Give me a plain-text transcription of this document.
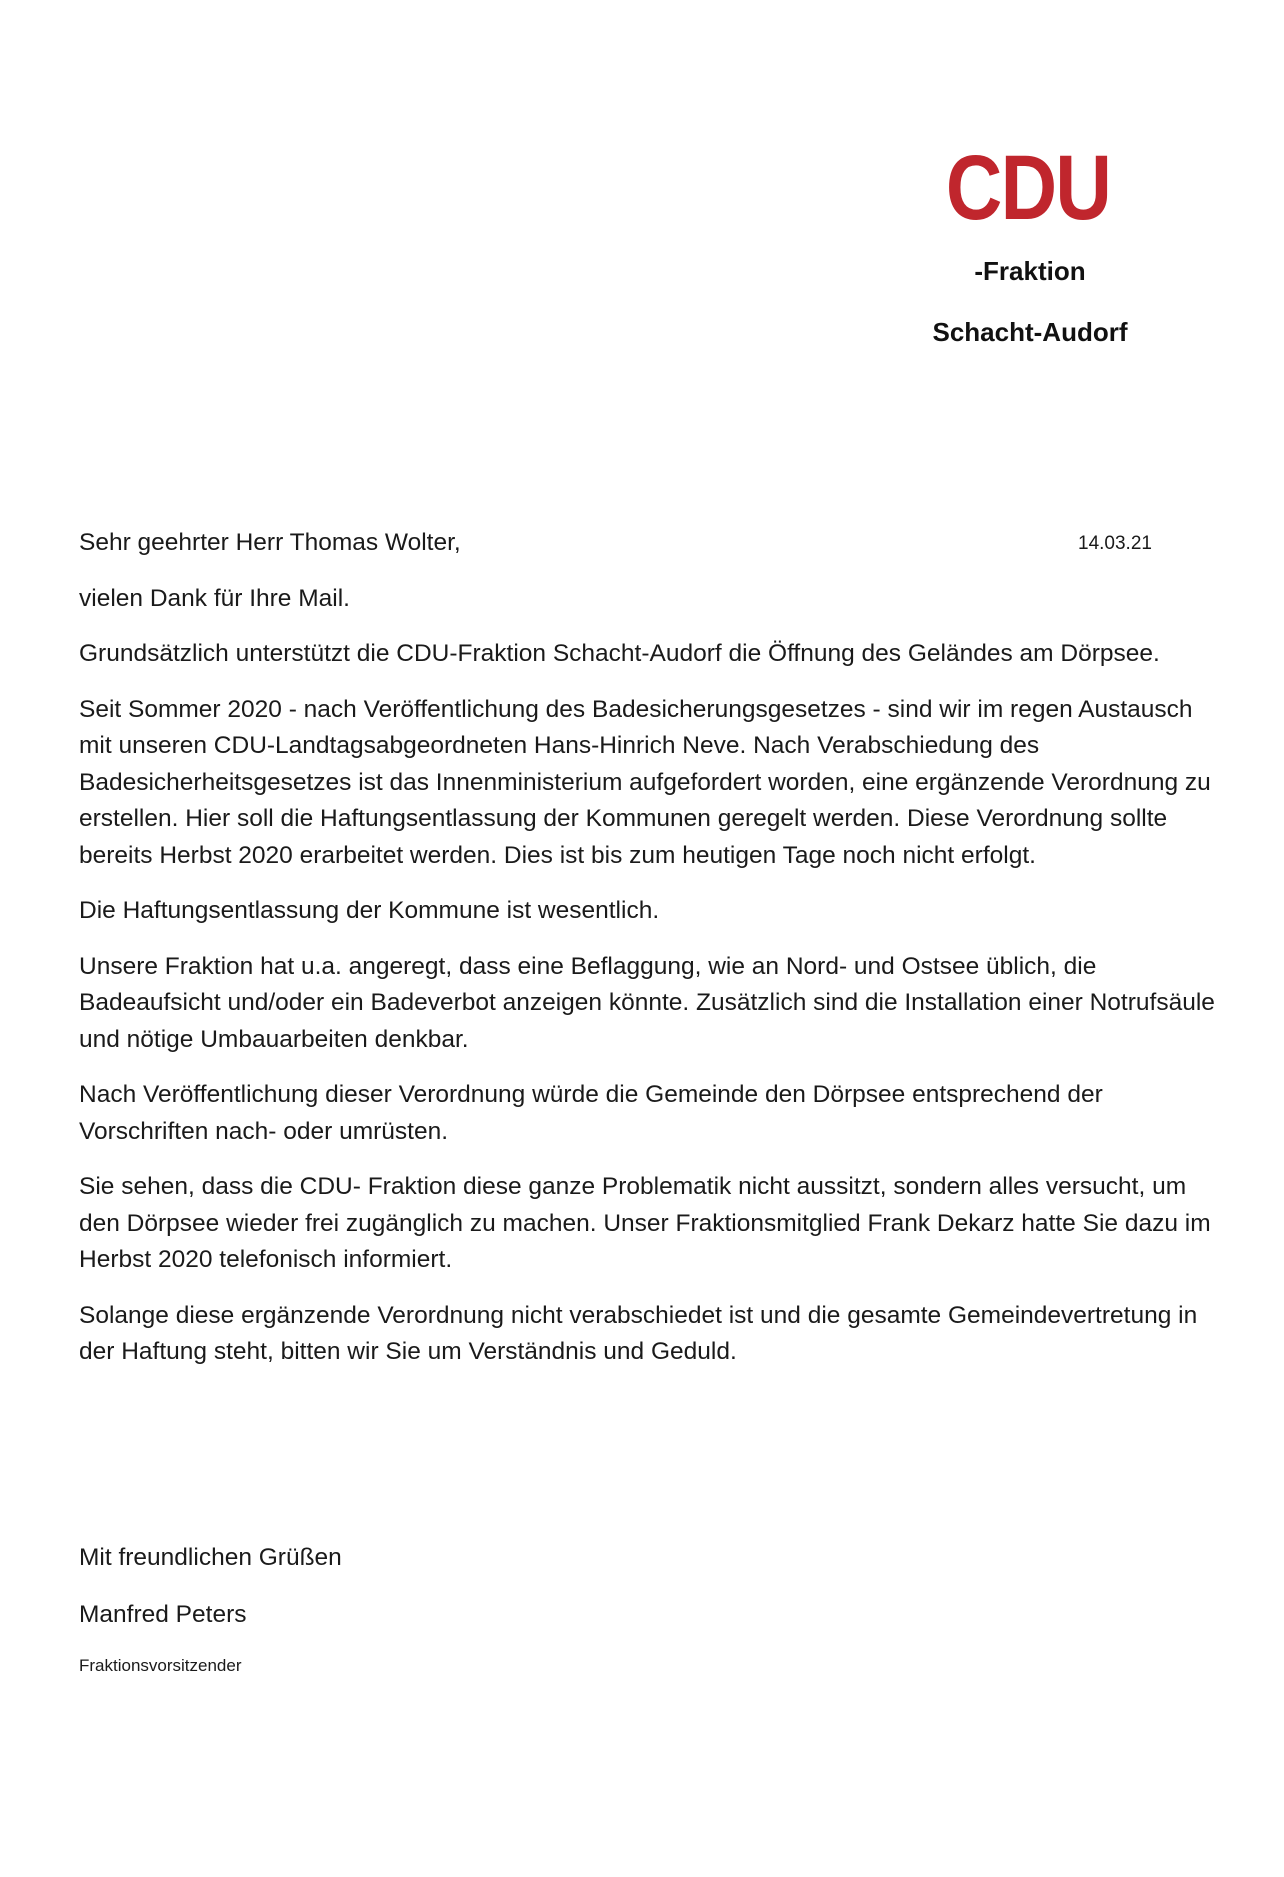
CDU
-Fraktion
Schacht-Audorf
14.03.21

Sehr geehrter Herr Thomas Wolter,

vielen Dank für Ihre Mail.

Grundsätzlich unterstützt die CDU-Fraktion Schacht-Audorf die Öffnung des Geländes am Dörpsee.

Seit Sommer 2020 - nach Veröffentlichung des Badesicherungsgesetzes - sind wir im regen Austausch mit unseren CDU-Landtagsabgeordneten Hans-Hinrich Neve. Nach Verabschiedung des Badesicherheitsgesetzes ist das Innenministerium aufgefordert worden, eine ergänzende Verordnung zu erstellen. Hier soll die Haftungsentlassung der Kommunen geregelt werden. Diese Verordnung sollte bereits Herbst 2020 erarbeitet werden. Dies ist bis zum heutigen Tage noch nicht erfolgt.

Die Haftungsentlassung der Kommune ist wesentlich.

Unsere Fraktion hat u.a. angeregt, dass eine Beflaggung, wie an Nord- und Ostsee üblich, die Badeaufsicht und/oder ein Badeverbot anzeigen könnte. Zusätzlich sind die Installation einer Notrufsäule und nötige Umbauarbeiten denkbar.

Nach Veröffentlichung dieser Verordnung würde die Gemeinde den Dörpsee entsprechend der Vorschriften nach- oder umrüsten.

Sie sehen, dass die CDU- Fraktion diese ganze Problematik nicht aussitzt, sondern alles versucht, um den Dörpsee wieder frei zugänglich zu machen. Unser Fraktionsmitglied Frank Dekarz hatte Sie dazu im Herbst 2020 telefonisch informiert.

Solange diese ergänzende Verordnung nicht verabschiedet ist und die gesamte Gemeindevertretung in der Haftung steht, bitten wir Sie um Verständnis und Geduld.

Mit freundlichen Grüßen

Manfred Peters

Fraktionsvorsitzender
